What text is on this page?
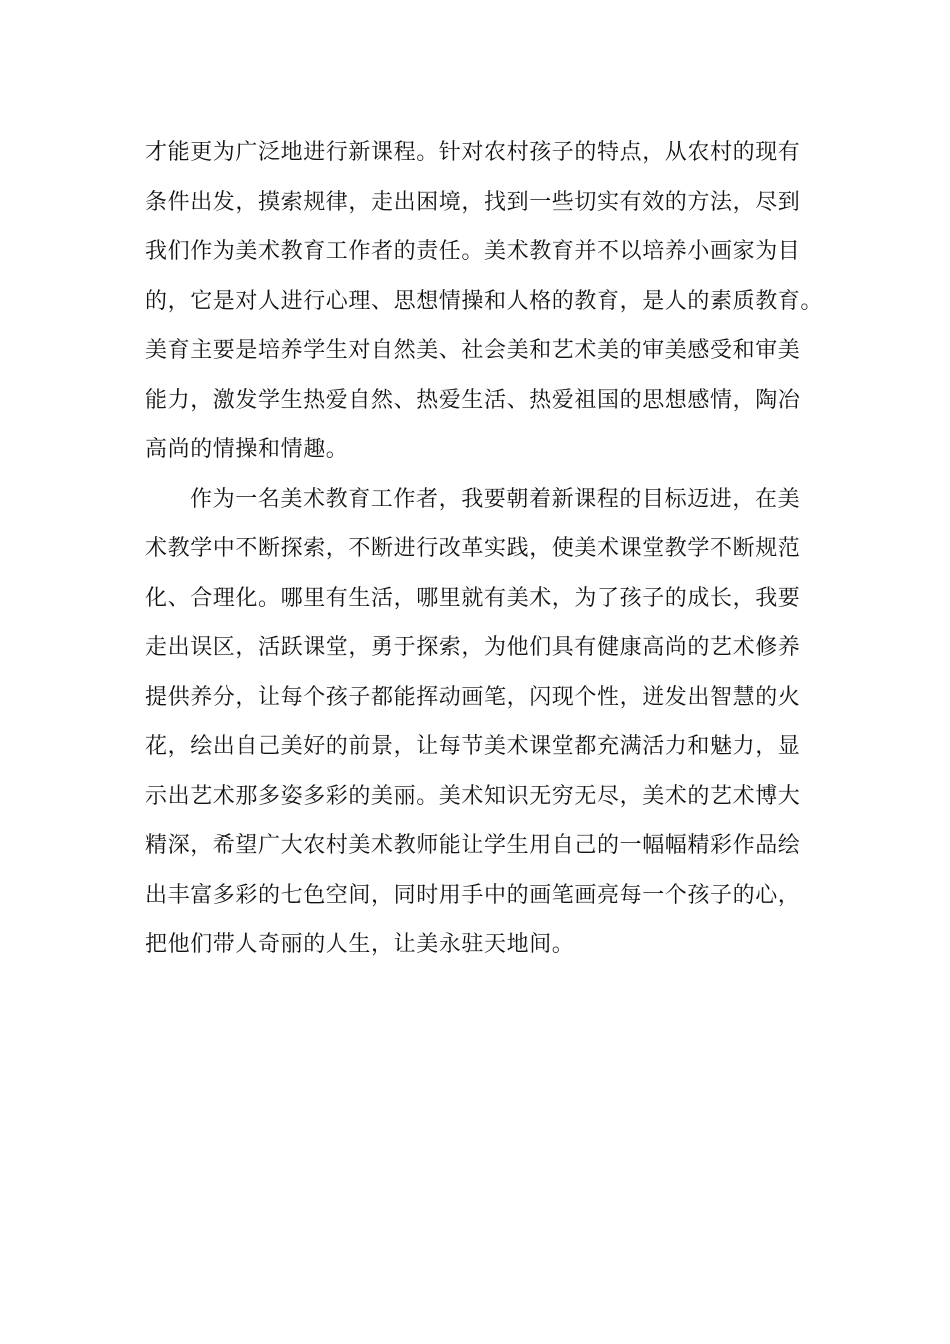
才能更为广泛地进行新课程。针对农村孩子的特点，从农村的现有
条件出发，摸索规律，走出困境，找到一些切实有效的方法，尽到
我们作为美术教育工作者的责任。美术教育并不以培养小画家为目
的，它是对人进行心理、思想情操和人格的教育，是人的素质教育。
美育主要是培养学生对自然美、社会美和艺术美的审美感受和审美
能力，激发学生热爱自然、热爱生活、热爱祖国的思想感情，陶冶
高尚的情操和情趣。
作为一名美术教育工作者，我要朝着新课程的目标迈进，在美
术教学中不断探索，不断进行改革实践，使美术课堂教学不断规范
化、合理化。哪里有生活，哪里就有美术，为了孩子的成长，我要
走出误区，活跃课堂，勇于探索，为他们具有健康高尚的艺术修养
提供养分，让每个孩子都能挥动画笔，闪现个性，迸发出智慧的火
花，绘出自己美好的前景，让每节美术课堂都充满活力和魅力，显
示出艺术那多姿多彩的美丽。美术知识无穷无尽，美术的艺术博大
精深，希望广大农村美术教师能让学生用自己的一幅幅精彩作品绘
出丰富多彩的七色空间，同时用手中的画笔画亮每一个孩子的心，
把他们带人奇丽的人生，让美永驻天地间。
